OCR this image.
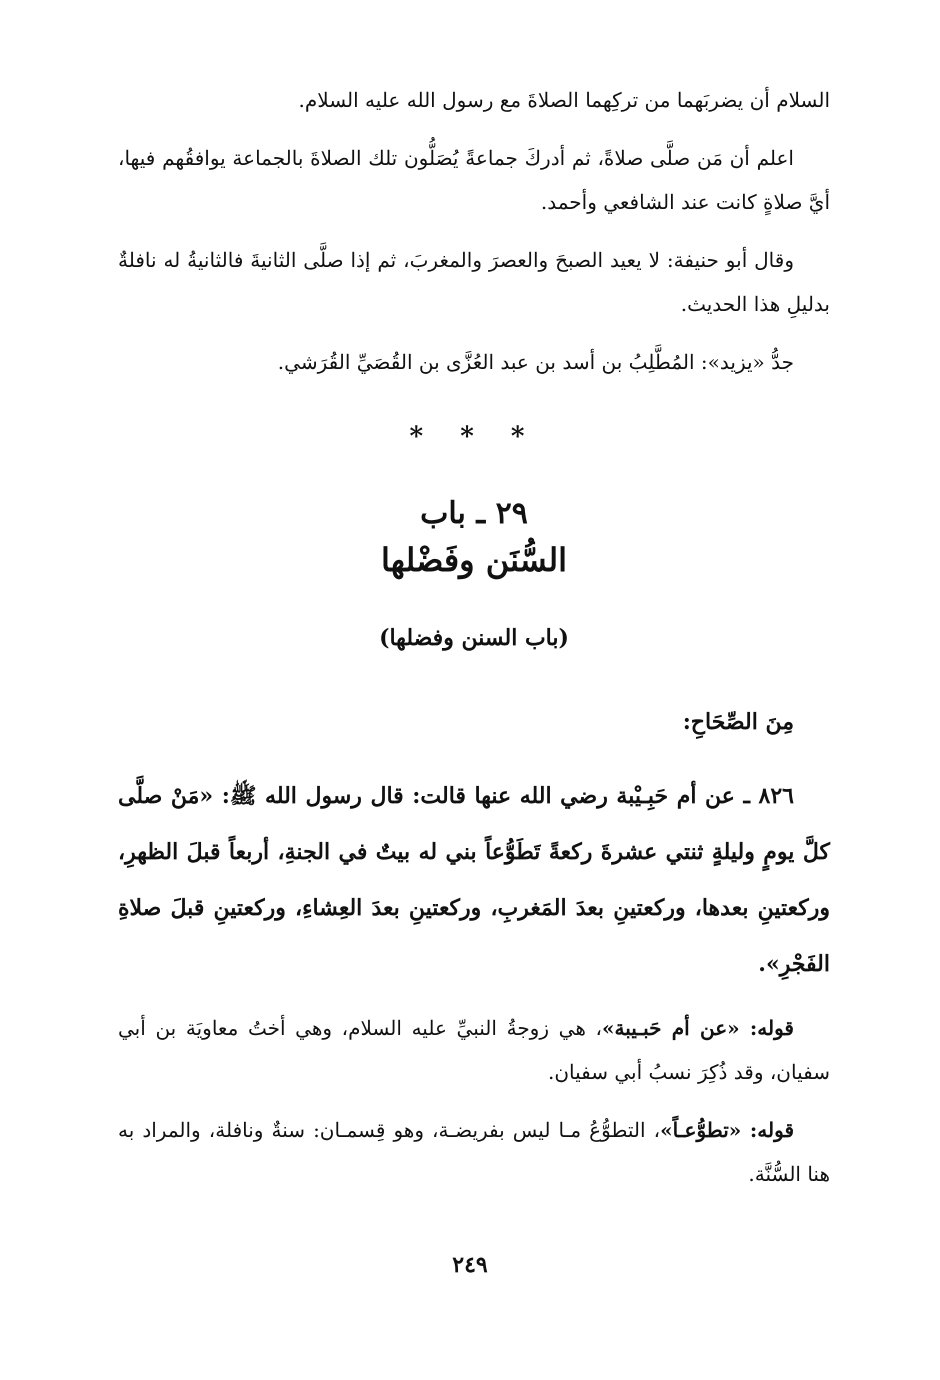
السلام أن يضربَهما من تركِهما الصلاةَ مع رسول الله عليه السلام.

اعلم أن مَن صلَّى صلاةً، ثم أدركَ جماعةً يُصَلُّون تلك الصلاةَ بالجماعة يوافقُهم فيها، أيَّ صلاةٍ كانت عند الشافعي وأحمد.

وقال أبو حنيفة: لا يعيد الصبحَ والعصرَ والمغربَ، ثم إذا صلَّى الثانيةَ فالثانيةُ له نافلةٌ بدليلِ هذا الحديث.

جدُّ «يزيد»: المُطَّلِبُ بن أسد بن عبد العُزَّى بن القُصَيِّ القُرَشي.

* * *
٢٩ ـ باب
السُّنَن وفَضْلها
(باب السنن وفضلها)
مِنَ الصِّحَاحِ:

٨٢٦ ـ عن أم حَبِـيْبة رضي الله عنها قالت: قال رسول الله ﷺ: «مَنْ صلَّى كلَّ يومٍ وليلةٍ ثنتي عشرةَ ركعةً تَطَوُّعاً بني له بيتٌ في الجنةِ، أربعاً قبلَ الظهرِ، وركعتينِ بعدها، وركعتينِ بعدَ المَغربِ، وركعتينِ بعدَ العِشاءِ، وركعتينِ قبلَ صلاةِ الفَجْرِ».

قوله: «عن أم حَبـيبة»، هي زوجةُ النبيِّ عليه السلام، وهي أختُ معاويَة بن أبي سفيان، وقد ذُكِرَ نسبُ أبي سفيان.

قوله: «تطوُّعـاً»، التطوُّعُ مـا ليس بفريضـة، وهو قِسمـان: سنةٌ ونافلة، والمراد به هنا السُّنَّة.

٢٤٩
